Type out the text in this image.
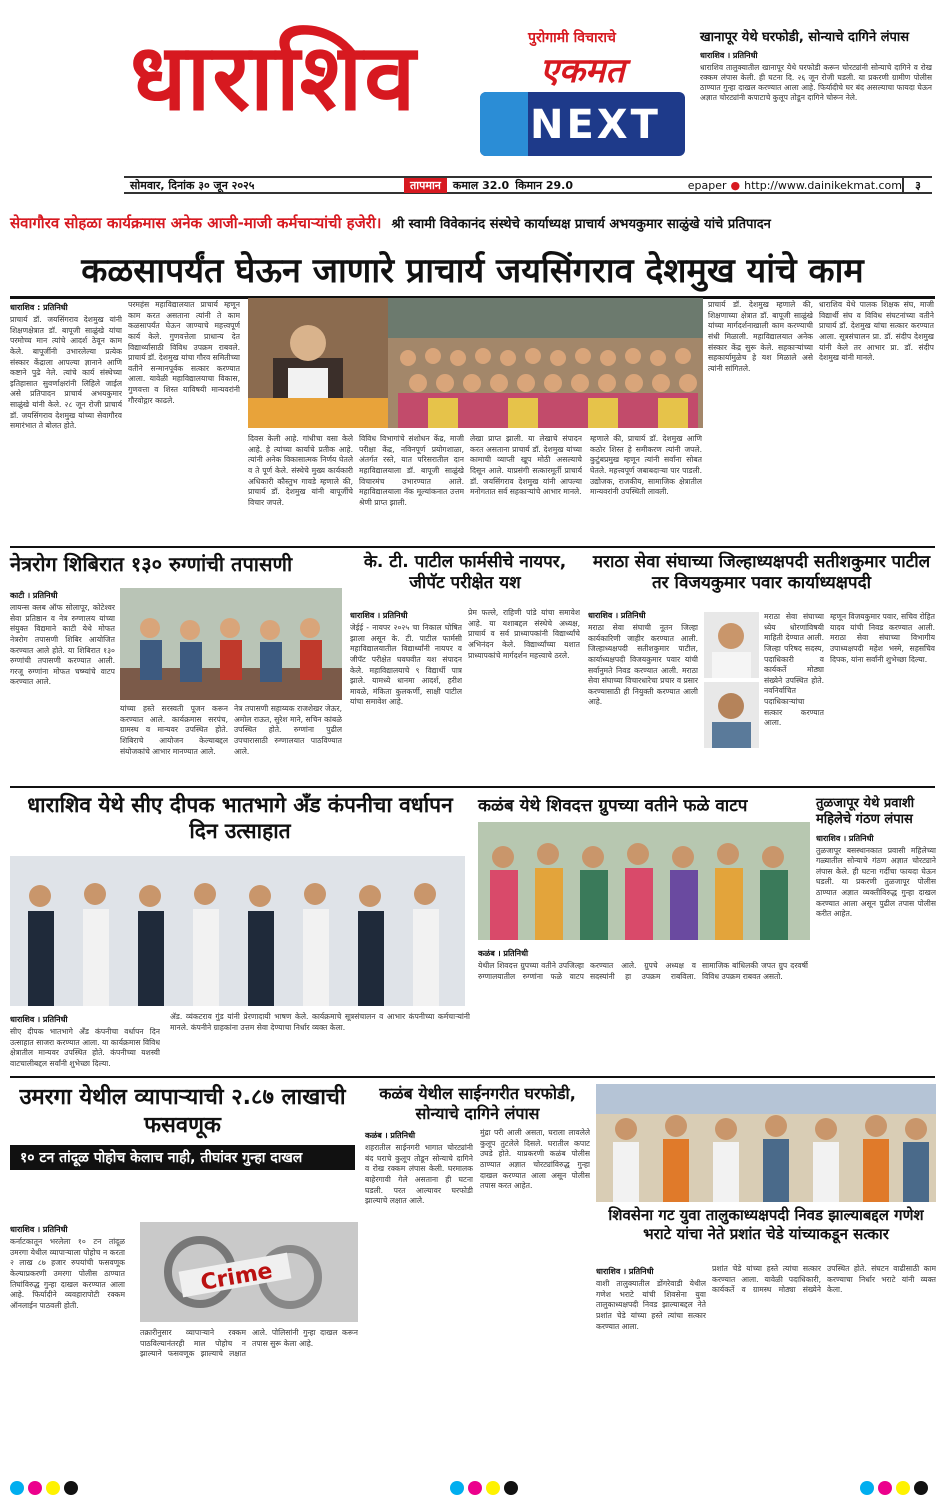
धाराशिव	पुरोगामी विचाराचे
एकमत
NEXT
खानापूर येथे घरफोडी, सोन्याचे दागिने लंपास
धाराशिव । प्रतिनिधी
धाराशिव तालुक्यातील खानापूर येथे घरफोडी करून चोरट्यांनी सोन्याचे दागिने व रोख रक्कम लंपास केली. ही घटना दि. २६ जून रोजी घडली. या प्रकरणी ग्रामीण पोलीस ठाण्यात गुन्हा दाखल करण्यात आला आहे. फिर्यादीचे घर बंद असल्याचा फायदा घेऊन अज्ञात चोरट्यांनी कपाटाचे कुलूप तोडून दागिने चोरून नेले.
सोमवार, दिनांक ३० जून २०२५	तापमान	कमाल 32.0 किमान 29.0	epaper ● http://www.dainikekmat.com	३
सेवागौरव सोहळा कार्यक्रमास अनेक आजी-माजी कर्मचाऱ्यांची हजेरी। श्री स्वामी विवेकानंद संस्थेचे कार्याध्यक्ष प्राचार्य अभयकुमार साळुंखे यांचे प्रतिपादन
कळसापर्यंत घेऊन जाणारे प्राचार्य जयसिंगराव देशमुख यांचे काम
धाराशिव : प्रतिनिधी
प्राचार्य डॉ. जयसिंगराव देशमुख यांनी शिक्षणक्षेत्रात डॉ. बापूजी साळुंखे यांचा परमोच्च मान त्यांचे आदर्श ठेवून काम केले. बापूजींनी उभारलेल्या प्रत्येक संस्कार केंद्राला आपल्या ज्ञानाने आणि कष्टाने पुढे नेले. त्यांचे कार्य संस्थेच्या इतिहासात सुवर्णाक्षरांनी लिहिले जाईल असे प्रतिपादन प्राचार्य अभयकुमार साळुंखे यांनी केले. २८ जून रोजी प्राचार्य डॉ. जयसिंगराव देशमुख यांच्या सेवागौरव समारंभात ते बोलत होते.
परमहंस महाविद्यालयात प्राचार्य म्हणून काम करत असताना त्यांनी ते काम कळसापर्यंत घेऊन जाण्याचे महत्त्वपूर्ण कार्य केले. गुणवत्तेला प्राधान्य देत विद्यार्थ्यांसाठी विविध उपक्रम राबवले. प्राचार्य डॉ. देशमुख यांचा गौरव समितीच्या वतीने सन्मानपूर्वक सत्कार करण्यात आला. यावेळी महाविद्यालयाचा विकास, गुणवत्ता व शिस्त याविषयी मान्यवरांनी गौरवोद्गार काढले.
दिवस केली आहे. गांधीचा वसा केले आहे. हे त्यांच्या कार्याचे प्रतीक आहे. त्यांनी अनेक विकासात्मक निर्णय घेतले व ते पूर्ण केले. संस्थेचे मुख्य कार्यकारी अधिकारी कौस्तुभ गावडे म्हणाले की, प्राचार्य डॉ. देशमुख यांनी बापूजींचे विचार जपले.
विविध विभागांचे संशोधन केंद्र, माजी परीक्षा केंद्र, नविनपूर्ण प्रयोगशाळा, अंतर्गत रस्ते, यात परिसरातील दान महाविद्यालयाला डॉ. बापूजी साळुंखे विचारमंच उभारण्यात आले. महाविद्यालयाला नॅक मूल्यांकनात उत्तम श्रेणी प्राप्त झाली.
लेखा प्राप्त झाली. या लेखाचे संपादन करत असताना प्राचार्य डॉ. देशमुख यांच्या कामाची व्याप्ती खूप मोठी असल्याचे दिसून आले. याप्रसंगी सत्कारमूर्ती प्राचार्य डॉ. जयसिंगराव देशमुख यांनी आपल्या मनोगतात सर्व सहकाऱ्यांचे आभार मानले.
म्हणाले की, प्राचार्य डॉ. देशमुख आणि कठोर शिस्त हे समीकरण त्यांनी जपले. कुटुंबप्रमुख म्हणून त्यांनी सर्वांना सोबत घेतले. महत्त्वपूर्ण जबाबदाऱ्या पार पाडली. उद्योजक, राजकीय, सामाजिक क्षेत्रातील मान्यवरांनी उपस्थिती लावली.
प्राचार्य डॉ. देशमुख म्हणाले की, शिक्षणाच्या क्षेत्रात डॉ. बापूजी साळुंखे यांच्या मार्गदर्शनाखाली काम करण्याची संधी मिळाली. महाविद्यालयात अनेक संस्कार केंद्र सुरू केले. सहकाऱ्यांच्या सहकार्यामुळेच हे यश मिळाले असे त्यांनी सांगितले.
धाराशिव येथे पालक शिक्षक संघ, माजी विद्यार्थी संघ व विविध संघटनांच्या वतीने प्राचार्य डॉ. देशमुख यांचा सत्कार करण्यात आला. सूत्रसंचालन प्रा. डॉ. संदीप देशमुख यांनी केले तर आभार प्रा. डॉ. संदीप देशमुख यांनी मानले.
नेत्ररोग शिबिरात १३० रुग्णांची तपासणी
काटी । प्रतिनिधी
लायन्स क्लब ऑफ सोलापूर, कोटेश्वर सेवा प्रतिष्ठान व नेत्र रुग्णालय यांच्या संयुक्त विद्यमाने काटी येथे मोफत नेत्ररोग तपासणी शिबिर आयोजित करण्यात आले होते. या शिबिरात १३० रुग्णांची तपासणी करण्यात आली. गरजू रुग्णांना मोफत चष्म्यांचे वाटप करण्यात आले.
यांच्या हस्ते सरस्वती पूजन करून करण्यात आले. कार्यक्रमास सरपंच, ग्रामस्थ व मान्यवर उपस्थित होते. शिबिराचे आयोजन केल्याबद्दल संयोजकांचे आभार मानण्यात आले.
नेत्र तपासणी सहाय्यक राजशेखर जेऊर, अमोल राऊत, सुरेश माने, सचिन कांबळे उपस्थित होते. रुग्णांना पुढील उपचारासाठी रुग्णालयात पाठविण्यात आले.
के. टी. पाटील फार्मसीचे नायपर, जीपॅट परीक्षेत यश
धाराशिव । प्रतिनिधी
जेईई - नायपर २०२५ चा निकाल घोषित झाला असून के. टी. पाटील फार्मसी महाविद्यालयातील विद्यार्थ्यांनी नायपर व जीपॅट परीक्षेत घवघवीत यश संपादन केले. महाविद्यालयाचे ९ विद्यार्थी पात्र झाले. यामध्ये धानमा आदर्श, हरीश मावळे, मंकिता कुलकर्णी, साक्षी पाटील यांचा समावेश आहे.
प्रेम फल्ले, राहिणी पांडे यांचा समावेश आहे. या यशाबद्दल संस्थेचे अध्यक्ष, प्राचार्य व सर्व प्राध्यापकांनी विद्यार्थ्यांचे अभिनंदन केले. विद्यार्थ्यांच्या यशात प्राध्यापकांचे मार्गदर्शन महत्त्वाचे ठरले.
मराठा सेवा संघाच्या जिल्हाध्यक्षपदी सतीशकुमार पाटील तर विजयकुमार पवार कार्याध्यक्षपदी
धाराशिव । प्रतिनिधी
मराठा सेवा संघाची नूतन जिल्हा कार्यकारिणी जाहीर करण्यात आली. जिल्हाध्यक्षपदी सतीशकुमार पाटील, कार्याध्यक्षपदी विजयकुमार पवार यांची सर्वानुमते निवड करण्यात आली. मराठा सेवा संघाच्या विचारधारेचा प्रचार व प्रसार करण्यासाठी ही नियुक्ती करण्यात आली आहे.
मराठा सेवा संघाच्या ध्येय धोरणांविषयी माहिती देण्यात आली. जिल्हा परिषद सदस्य, पदाधिकारी व कार्यकर्ते मोठ्या संख्येने उपस्थित होते. नवनिर्वाचित पदाधिकाऱ्यांचा सत्कार करण्यात आला.
म्हणून विजयकुमार पवार, सचिव रोहित यादव यांची निवड करण्यात आली. मराठा सेवा संघाच्या विभागीय उपाध्यक्षपदी महेश भस्मे, सहसचिव दिपक, यांना सर्वांनी शुभेच्छा दिल्या.
धाराशिव येथे सीए दीपक भातभागे अँड कंपनीचा वर्धापन दिन उत्साहात
धाराशिव । प्रतिनिधी
सीए दीपक भातभागे अँड कंपनीचा वर्धापन दिन उत्साहात साजरा करण्यात आला. या कार्यक्रमास विविध क्षेत्रातील मान्यवर उपस्थित होते. कंपनीच्या यशस्वी वाटचालीबद्दल सर्वांनी शुभेच्छा दिल्या.
ॲड. व्यंकटराव गुंड यांनी प्रेरणादायी भाषण केले. कार्यक्रमाचे सूत्रसंचालन व आभार कंपनीच्या कर्मचाऱ्यांनी मानले. कंपनीने ग्राहकांना उत्तम सेवा देण्याचा निर्धार व्यक्त केला.
कळंब येथे शिवदत्त ग्रुपच्या वतीने फळे वाटप
कळंब । प्रतिनिधी
येथील शिवदत्त ग्रुपच्या वतीने उपजिल्हा रुग्णालयातील रुग्णांना फळे वाटप करण्यात आले. ग्रुपचे अध्यक्ष व सदस्यांनी हा उपक्रम राबविला. सामाजिक बांधिलकी जपत ग्रुप दरवर्षी विविध उपक्रम राबवत असतो.
तुळजापूर येथे प्रवाशी महिलेचे गंठण लंपास
धाराशिव । प्रतिनिधी
तुळजापूर बसस्थानकात प्रवासी महिलेच्या गळ्यातील सोन्याचे गंठण अज्ञात चोरट्याने लंपास केले. ही घटना गर्दीचा फायदा घेऊन घडली. या प्रकरणी तुळजापूर पोलीस ठाण्यात अज्ञात व्यक्तीविरुद्ध गुन्हा दाखल करण्यात आला असून पुढील तपास पोलीस करीत आहेत.
उमरगा येथील व्यापाऱ्याची २.८७ लाखाची फसवणूक
१० टन तांदूळ पोहोच केलाच नाही, तीघांवर गुन्हा दाखल
धाराशिव । प्रतिनिधी
कर्नाटकातून भरलेला १० टन तांदूळ उमरगा येथील व्यापाऱ्याला पोहोच न करता २ लाख ८७ हजार रुपयांची फसवणूक केल्याप्रकरणी उमरगा पोलीस ठाण्यात तिघांविरुद्ध गुन्हा दाखल करण्यात आला आहे. फिर्यादीने व्यवहारापोटी रक्कम ऑनलाईन पाठवली होती.
Crime
तक्रारीनुसार व्यापाऱ्याने रक्कम पाठविल्यानंतरही माल पोहोच न झाल्याने फसवणूक झाल्याचे लक्षात आले. पोलिसांनी गुन्हा दाखल करून तपास सुरू केला आहे.
कळंब येथील साईनगरीत घरफोडी, सोन्याचे दागिने लंपास
कळंब । प्रतिनिधी
शहरातील साईनगरी भागात चोरट्यांनी बंद घराचे कुलूप तोडून सोन्याचे दागिने व रोख रक्कम लंपास केली. घरमालक बाहेरगावी गेले असताना ही घटना घडली. परत आल्यावर घरफोडी झाल्याचे लक्षात आले.
मुंद्रा परी आली असता, घराला लावलेले कुलूप तुटलेले दिसले. घरातील कपाट उघडे होते. याप्रकरणी कळंब पोलीस ठाण्यात अज्ञात चोरट्यांविरुद्ध गुन्हा दाखल करण्यात आला असून पोलीस तपास करत आहेत.
शिवसेना गट युवा तालुकाध्यक्षपदी निवड झाल्याबद्दल गणेश भराटे यांचा नेते प्रशांत चेडे यांच्याकडून सत्कार
धाराशिव । प्रतिनिधी
वाशी तालुक्यातील डोंगरेवाडी येथील गणेश भराटे यांची शिवसेना युवा तालुकाध्यक्षपदी निवड झाल्याबद्दल नेते प्रशांत चेडे यांच्या हस्ते त्यांचा सत्कार करण्यात आला.
प्रशांत चेडे यांच्या हस्ते त्यांचा सत्कार करण्यात आला. यावेळी पदाधिकारी, कार्यकर्ते व ग्रामस्थ मोठ्या संख्येने उपस्थित होते. संघटन वाढीसाठी काम करण्याचा निर्धार भराटे यांनी व्यक्त केला.
